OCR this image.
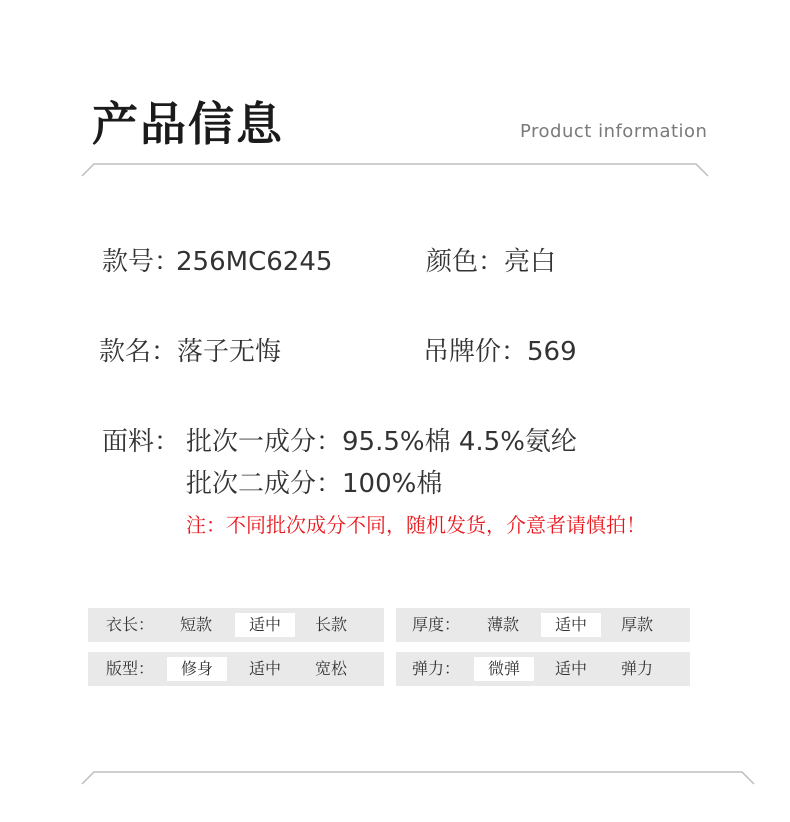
产品信息	Product information
款号：256MC6245	颜色：亮白
款名：落子无悔	吊牌价：569
面料： 批次一成分：95.5%棉 4.5%氨纶
批次二成分：100%棉
注：不同批次成分不同，随机发货，介意者请慎拍！
衣长：	短款	适中	长款	厚度：	薄款	适中	厚款
版型：	修身	适中	宽松	弹力：	微弹	适中	弹力
